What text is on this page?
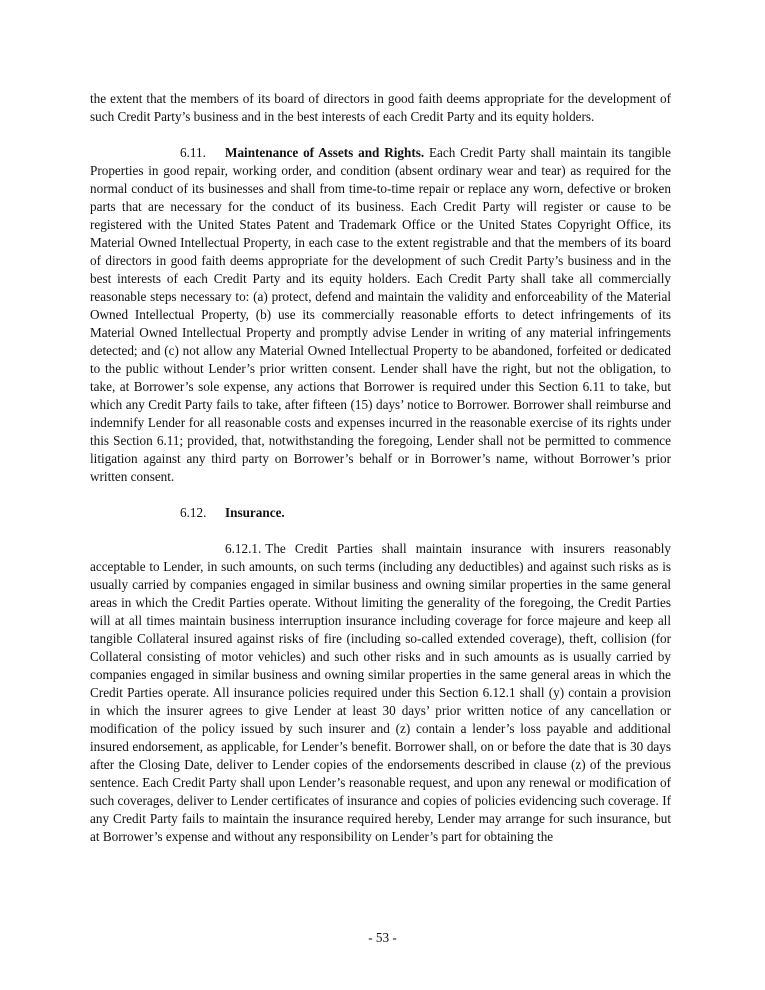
the extent that the members of its board of directors in good faith deems appropriate for the development of such Credit Party’s business and in the best interests of each Credit Party and its equity holders.

6.11. Maintenance of Assets and Rights. Each Credit Party shall maintain its tangible Properties in good repair, working order, and condition (absent ordinary wear and tear) as required for the normal conduct of its businesses and shall from time-to-time repair or replace any worn, defective or broken parts that are necessary for the conduct of its business. Each Credit Party will register or cause to be registered with the United States Patent and Trademark Office or the United States Copyright Office, its Material Owned Intellectual Property, in each case to the extent registrable and that the members of its board of directors in good faith deems appropriate for the development of such Credit Party’s business and in the best interests of each Credit Party and its equity holders. Each Credit Party shall take all commercially reasonable steps necessary to: (a) protect, defend and maintain the validity and enforceability of the Material Owned Intellectual Property, (b) use its commercially reasonable efforts to detect infringements of its Material Owned Intellectual Property and promptly advise Lender in writing of any material infringements detected; and (c) not allow any Material Owned Intellectual Property to be abandoned, forfeited or dedicated to the public without Lender’s prior written consent. Lender shall have the right, but not the obligation, to take, at Borrower’s sole expense, any actions that Borrower is required under this Section 6.11 to take, but which any Credit Party fails to take, after fifteen (15) days’ notice to Borrower. Borrower shall reimburse and indemnify Lender for all reasonable costs and expenses incurred in the reasonable exercise of its rights under this Section 6.11; provided, that, notwithstanding the foregoing, Lender shall not be permitted to commence litigation against any third party on Borrower’s behalf or in Borrower’s name, without Borrower’s prior written consent.

6.12. Insurance.

6.12.1. The Credit Parties shall maintain insurance with insurers reasonably acceptable to Lender, in such amounts, on such terms (including any deductibles) and against such risks as is usually carried by companies engaged in similar business and owning similar properties in the same general areas in which the Credit Parties operate. Without limiting the generality of the foregoing, the Credit Parties will at all times maintain business interruption insurance including coverage for force majeure and keep all tangible Collateral insured against risks of fire (including so-called extended coverage), theft, collision (for Collateral consisting of motor vehicles) and such other risks and in such amounts as is usually carried by companies engaged in similar business and owning similar properties in the same general areas in which the Credit Parties operate. All insurance policies required under this Section 6.12.1 shall (y) contain a provision in which the insurer agrees to give Lender at least 30 days’ prior written notice of any cancellation or modification of the policy issued by such insurer and (z) contain a lender’s loss payable and additional insured endorsement, as applicable, for Lender’s benefit. Borrower shall, on or before the date that is 30 days after the Closing Date, deliver to Lender copies of the endorsements described in clause (z) of the previous sentence. Each Credit Party shall upon Lender’s reasonable request, and upon any renewal or modification of such coverages, deliver to Lender certificates of insurance and copies of policies evidencing such coverage. If any Credit Party fails to maintain the insurance required hereby, Lender may arrange for such insurance, but at Borrower’s expense and without any responsibility on Lender’s part for obtaining the

- 53 -
